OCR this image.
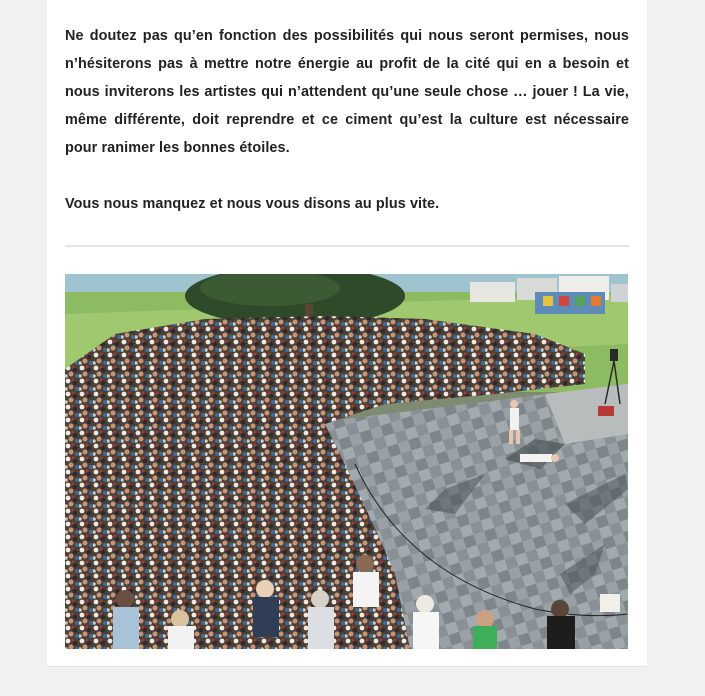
Ne doutez pas qu’en fonction des possibilités qui nous seront permises, nous n’hésiterons pas à mettre notre énergie au profit de la cité qui en a besoin et nous inviterons les artistes qui n’attendent qu’une seule chose … jouer ! La vie, même différente, doit reprendre et ce ciment qu’est la culture est nécessaire pour ranimer les bonnes étoiles.

Vous nous manquez et nous vous disons au plus vite.
